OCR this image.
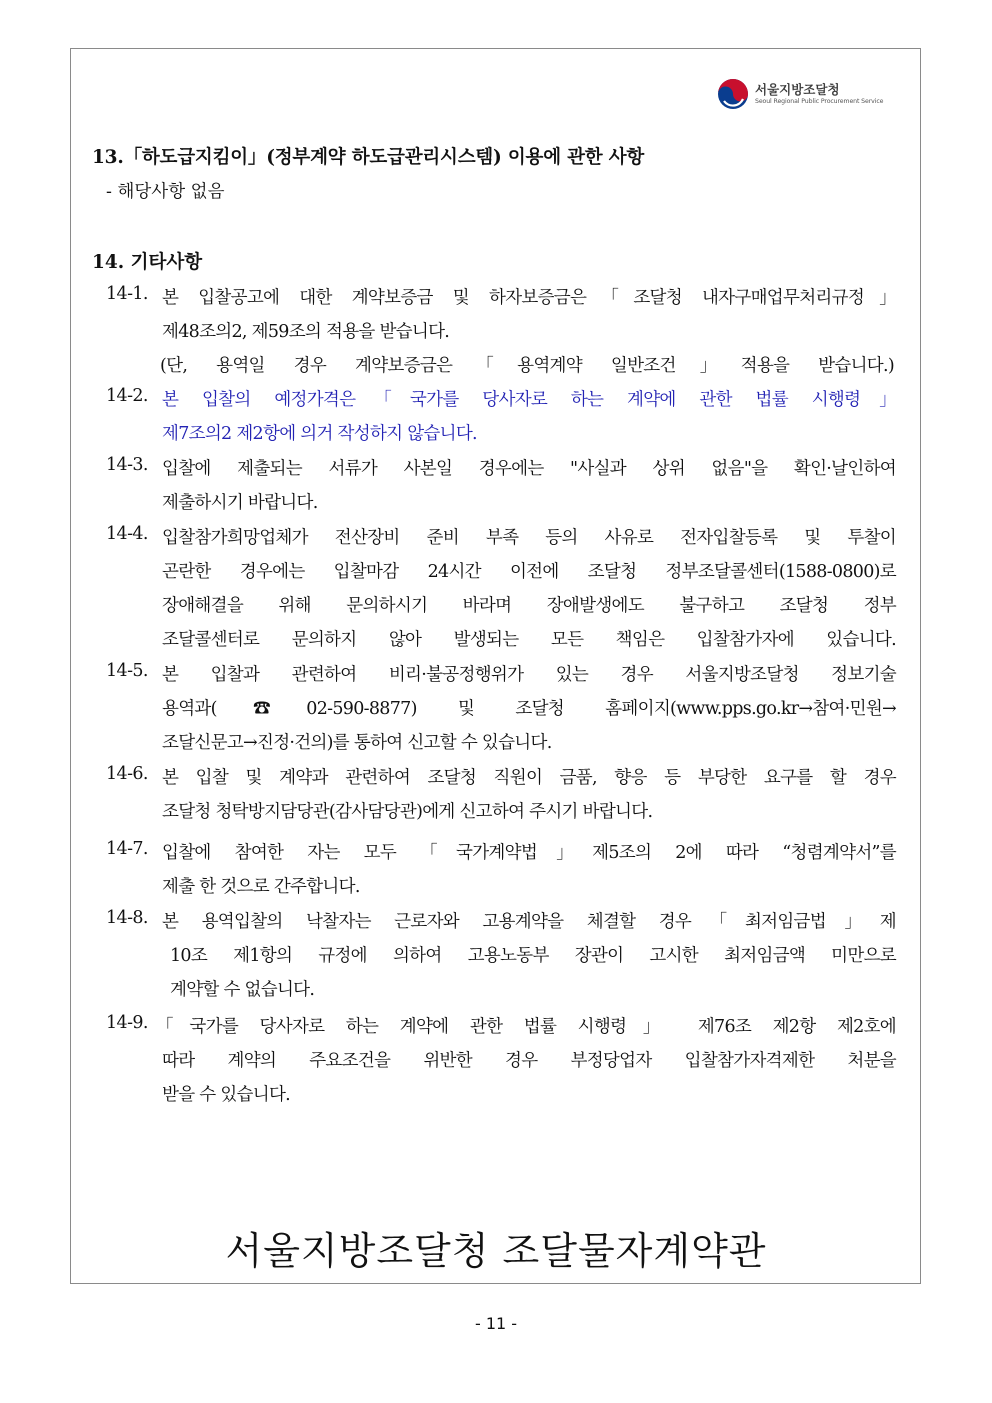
서울지방조달청
Seoul Regional Public Procurement Service
13.「하도급지킴이」(정부계약 하도급관리시스템) 이용에 관한 사항
- 해당사항 없음
14. 기타사항
14-1. 본 입찰공고에 대한 계약보증금 및 하자보증금은「조달청 내자구매업무처리규정」
제48조의2, 제59조의 적용을 받습니다.
(단, 용역일 경우 계약보증금은「용역계약 일반조건」적용을 받습니다.)
14-2. 본 입찰의 예정가격은「국가를 당사자로 하는 계약에 관한 법률 시행령」
제7조의2 제2항에 의거 작성하지 않습니다.
14-3. 입찰에 제출되는 서류가 사본일 경우에는 "사실과 상위 없음"을 확인·날인하여
제출하시기 바랍니다.
14-4. 입찰참가희망업체가 전산장비 준비 부족 등의 사유로 전자입찰등록 및 투찰이
곤란한 경우에는 입찰마감 24시간 이전에 조달청 정부조달콜센터(1588-0800)로
장애해결을 위해 문의하시기 바라며 장애발생에도 불구하고 조달청 정부
조달콜센터로 문의하지 않아 발생되는 모든 책임은 입찰참가자에 있습니다.
14-5. 본 입찰과 관련하여 비리·불공정행위가 있는 경우 서울지방조달청 정보기술
용역과(☎02-590-8877) 및 조달청 홈페이지(www.pps.go.kr→참여·민원→
조달신문고→진정·건의)를 통하여 신고할 수 있습니다.
14-6. 본 입찰 및 계약과 관련하여 조달청 직원이 금품, 향응 등 부당한 요구를 할 경우
조달청 청탁방지담당관(감사담당관)에게 신고하여 주시기 바랍니다.
14-7. 입찰에 참여한 자는 모두 「국가계약법」제5조의 2에 따라 “청렴계약서”를
제출 한 것으로 간주합니다.
14-8. 본 용역입찰의 낙찰자는 근로자와 고용계약을 체결할 경우「최저임금법」제
10조 제1항의 규정에 의하여 고용노동부 장관이 고시한 최저임금액 미만으로
계약할 수 없습니다.
14-9. 「국가를 당사자로 하는 계약에 관한 법률 시행령」 제76조 제2항 제2호에
따라 계약의 주요조건을 위반한 경우 부정당업자 입찰참가자격제한 처분을
받을 수 있습니다.
서울지방조달청 조달물자계약관
- 11 -
